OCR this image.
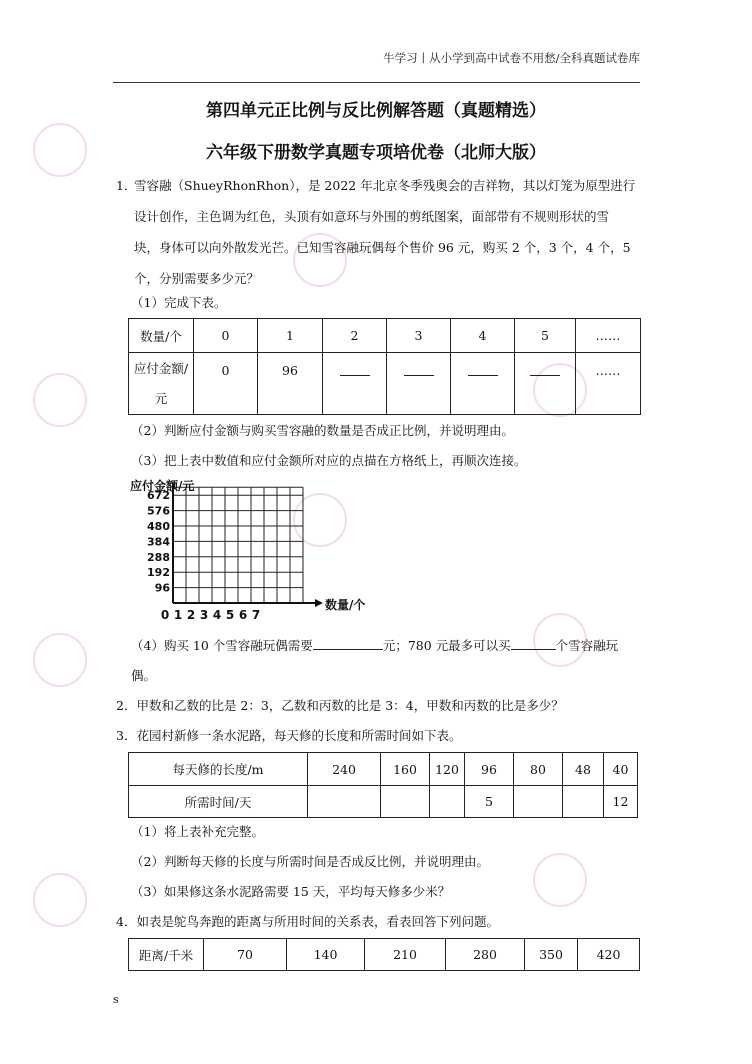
牛学习丨从小学到高中试卷不用愁/全科真题试卷库
第四单元正比例与反比例解答题（真题精选）
六年级下册数学真题专项培优卷（北师大版）
1．
雪容融（ShueyRhonRhon），是 2022 年北京冬季残奥会的吉祥物，其以灯笼为原型进行
设计创作，主色调为红色，头顶有如意环与外围的剪纸图案，面部带有不规则形状的雪
块，身体可以向外散发光芒。已知雪容融玩偶每个售价 96 元，购买 2 个，3 个，4 个，5
个，分别需要多少元？
（1）完成下表。
数量/个	0	1	2	3	4	5	……

应付金额/
元	0	96					……
（2）判断应付金额与购买雪容融的数量是否成正比例，并说明理由。
（3）把上表中数值和应付金额所对应的点描在方格纸上，再顺次连接。
0 1 2 3 4 5 6 7
96
192
288
384
480
576
672
应付金额/元
数量/个
（4）购买 10 个雪容融玩偶需要	元；780 元最多可以买	个雪容融玩
偶。
2．甲数和乙数的比是 2：3，乙数和丙数的比是 3：4，甲数和丙数的比是多少？
3．花园村新修一条水泥路，每天修的长度和所需时间如下表。
每天修的长度/m	240	160	120	96	80	48	40
所需时间/天				5			12
（1）将上表补充完整。
（2）判断每天修的长度与所需时间是否成反比例，并说明理由。
（3）如果修这条水泥路需要 15 天，平均每天修多少米？
4．如表是鸵鸟奔跑的距离与所用时间的关系表，看表回答下列问题。
距离/千米	70	140	210	280	350	420
s
